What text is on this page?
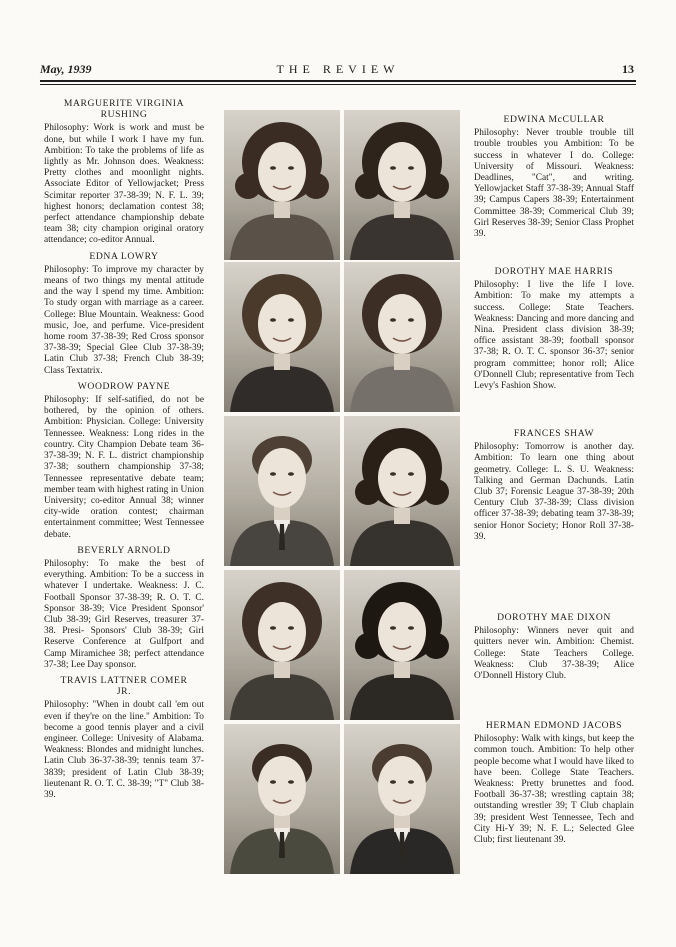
May, 1939	THE REVIEW	13

MARGUERITE VIRGINIA

RUSHING

Philosophy: Work is work and must be done, but while I work I have my fun. Ambition: To take the problems of life as lightly as Mr. Johnson does. Weakness: Pretty clothes and moonlight nights. Associate Editor of Yellowjacket; Press Scimitar reporter 37-38-39; N. F. L. 39; highest honors; declamation contest 38; perfect attendance championship debate team 38; city champion original oratory attendance; co-editor Annual.

EDNA LOWRY

Philosophy: To improve my character by means of two things my mental attitude and the way I spend my time. Ambition: To study organ with marriage as a career. College: Blue Mountain. Weakness: Good music, Joe, and perfume. Vice-president home room 37-38-39; Red Cross sponsor 37-38-39; Special Glee Club 37-38-39; Latin Club 37-38; French Club 38-39; Class Textatrix.

WOODROW PAYNE

Philosophy: If self-satified, do not be bothered, by the opinion of others. Ambition: Physician. College: University Tennessee. Weakness: Long rides in the country. City Champion Debate team 36-37-38-39; N. F. L. district championship 37-38; southern championship 37-38; Tennessee representative debate team; member team with highest rating in Union University; co-editor Annual 38; winner city-wide oration contest; chairman entertainment committee; West Tennessee debate.

BEVERLY ARNOLD

Philosophy: To make the best of everything. Ambition: To be a success in whatever I undertake. Weakness: J. C. Football Sponsor 37-38-39; R. O. T. C. Sponsor 38-39; Vice President Sponsor' Club 38-39; Girl Reserves, treasurer 37-38. Presi- Sponsors' Club 38-39; Girl Reserve Conference at Gulfport and Camp Miramichee 38; perfect attendance 37-38; Lee Day sponsor.

TRAVIS LATTNER COMER

JR.

Philosophy: "When in doubt call 'em out even if they're on the line." Ambition: To become a good tennis player and a civil engineer. College: Univesity of Alabama. Weakness: Blondes and midnight lunches. Latin Club 36-37-38-39; tennis team 37-3839; president of Latin Club 38-39; lieutenant R. O. T. C. 38-39; "T" Club 38-39.

EDWINA McCULLAR

Philosophy: Never trouble trouble till trouble troubles you Ambition: To be success in whatever I do. College: University of Missouri. Weakness: Deadlines, "Cat", and writing. Yellowjacket Staff 37-38-39; Annual Staff 39; Campus Capers 38-39; Entertainment Committee 38-39; Commerical Club 39; Girl Reserves 38-39; Senior Class Prophet 39.

DOROTHY MAE HARRIS

Philosophy: I live the life I love. Ambition: To make my attempts a success. College: State Teachers. Weakness: Dancing and more dancing and Nina. President class division 38-39; office assistant 38-39; football sponsor 37-38; R. O. T. C. sponsor 36-37; senior program committee; honor roll; Alice O'Donnell Club; representative from Tech Levy's Fashion Show.

FRANCES SHAW

Philosophy: Tomorrow is another day. Ambition: To learn one thing about geometry. College: L. S. U. Weakness: Talking and German Dachunds. Latin Club 37; Forensic League 37-38-39; 20th Century Club 37-38-39; Class division officer 37-38-39; debating team 37-38-39; senior Honor Society; Honor Roll 37-38-39.

DOROTHY MAE DIXON

Philosophy: Winners never quit and quitters never win. Ambition: Chemist. College: State Teachers College. Weakness: Club 37-38-39; Alice O'Donnell History Club.

HERMAN EDMOND JACOBS

Philosophy: Walk with kings, but keep the common touch. Ambition: To help other people become what I would have liked to have been. College State Teachers. Weakness: Pretty brunettes and food. Football 36-37-38; wrestling captain 38; outstanding wrestler 39; T Club chaplain 39; president West Tennessee, Tech and City Hi-Y 39; N. F. L.; Selected Glee Club; first lieutenant 39.
